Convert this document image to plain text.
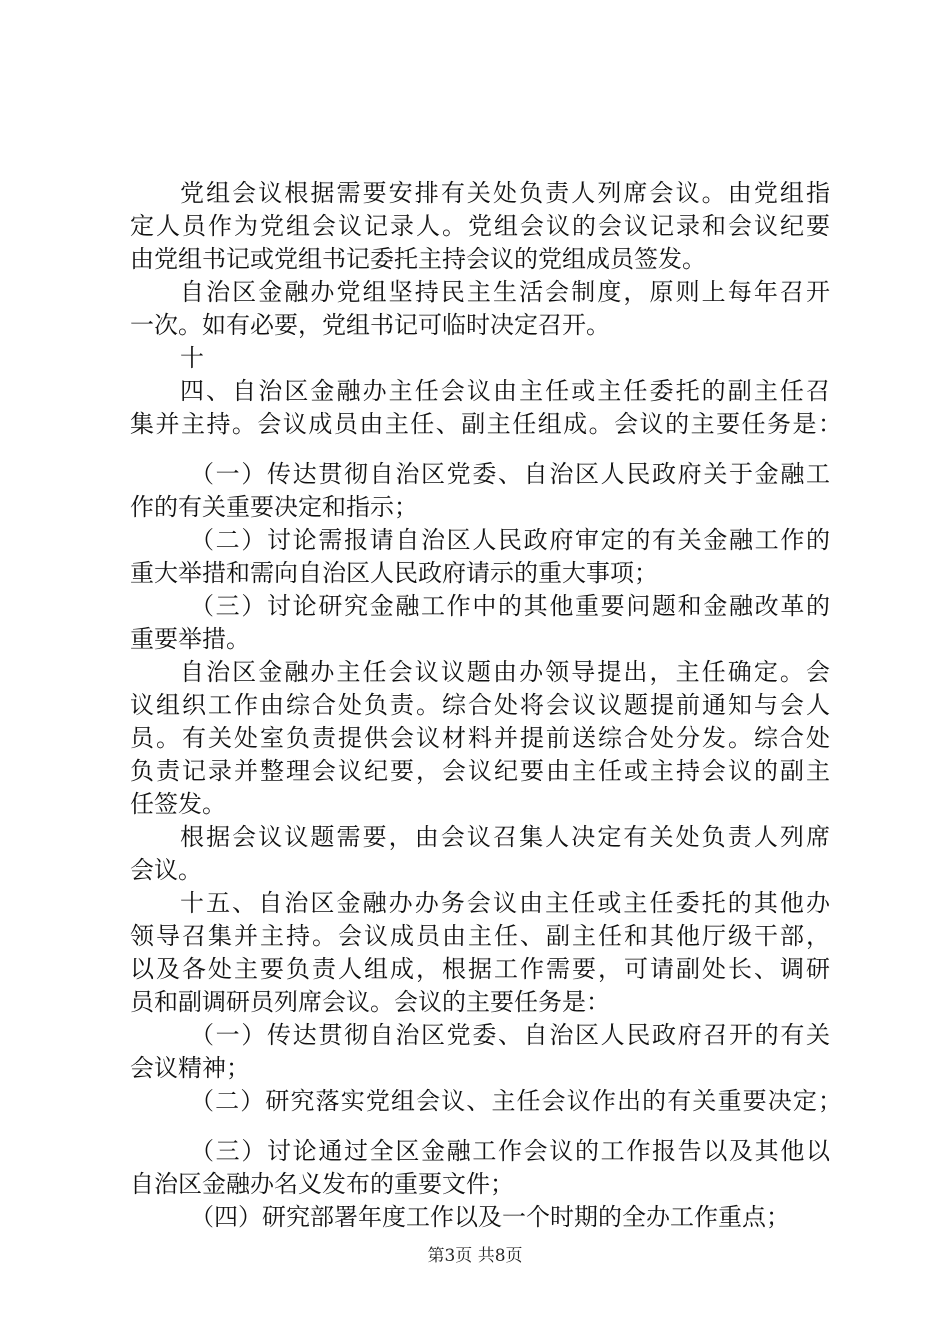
党组会议根据需要安排有关处负责人列席会议。由党组指
定人员作为党组会议记录人。党组会议的会议记录和会议纪要
由党组书记或党组书记委托主持会议的党组成员签发。
自治区金融办党组坚持民主生活会制度，原则上每年召开
一次。如有必要，党组书记可临时决定召开。
十
四、自治区金融办主任会议由主任或主任委托的副主任召
集并主持。会议成员由主任、副主任组成。会议的主要任务是：
（一）传达贯彻自治区党委、自治区人民政府关于金融工
作的有关重要决定和指示；
（二）讨论需报请自治区人民政府审定的有关金融工作的
重大举措和需向自治区人民政府请示的重大事项；
（三）讨论研究金融工作中的其他重要问题和金融改革的
重要举措。
自治区金融办主任会议议题由办领导提出，主任确定。会
议组织工作由综合处负责。综合处将会议议题提前通知与会人
员。有关处室负责提供会议材料并提前送综合处分发。综合处
负责记录并整理会议纪要，会议纪要由主任或主持会议的副主
任签发。
根据会议议题需要，由会议召集人决定有关处负责人列席
会议。
十五、自治区金融办办务会议由主任或主任委托的其他办
领导召集并主持。会议成员由主任、副主任和其他厅级干部，
以及各处主要负责人组成，根据工作需要，可请副处长、调研
员和副调研员列席会议。会议的主要任务是：
（一）传达贯彻自治区党委、自治区人民政府召开的有关
会议精神；
（二）研究落实党组会议、主任会议作出的有关重要决定；
（三）讨论通过全区金融工作会议的工作报告以及其他以
自治区金融办名义发布的重要文件；
（四）研究部署年度工作以及一个时期的全办工作重点；
第3页 共8页
